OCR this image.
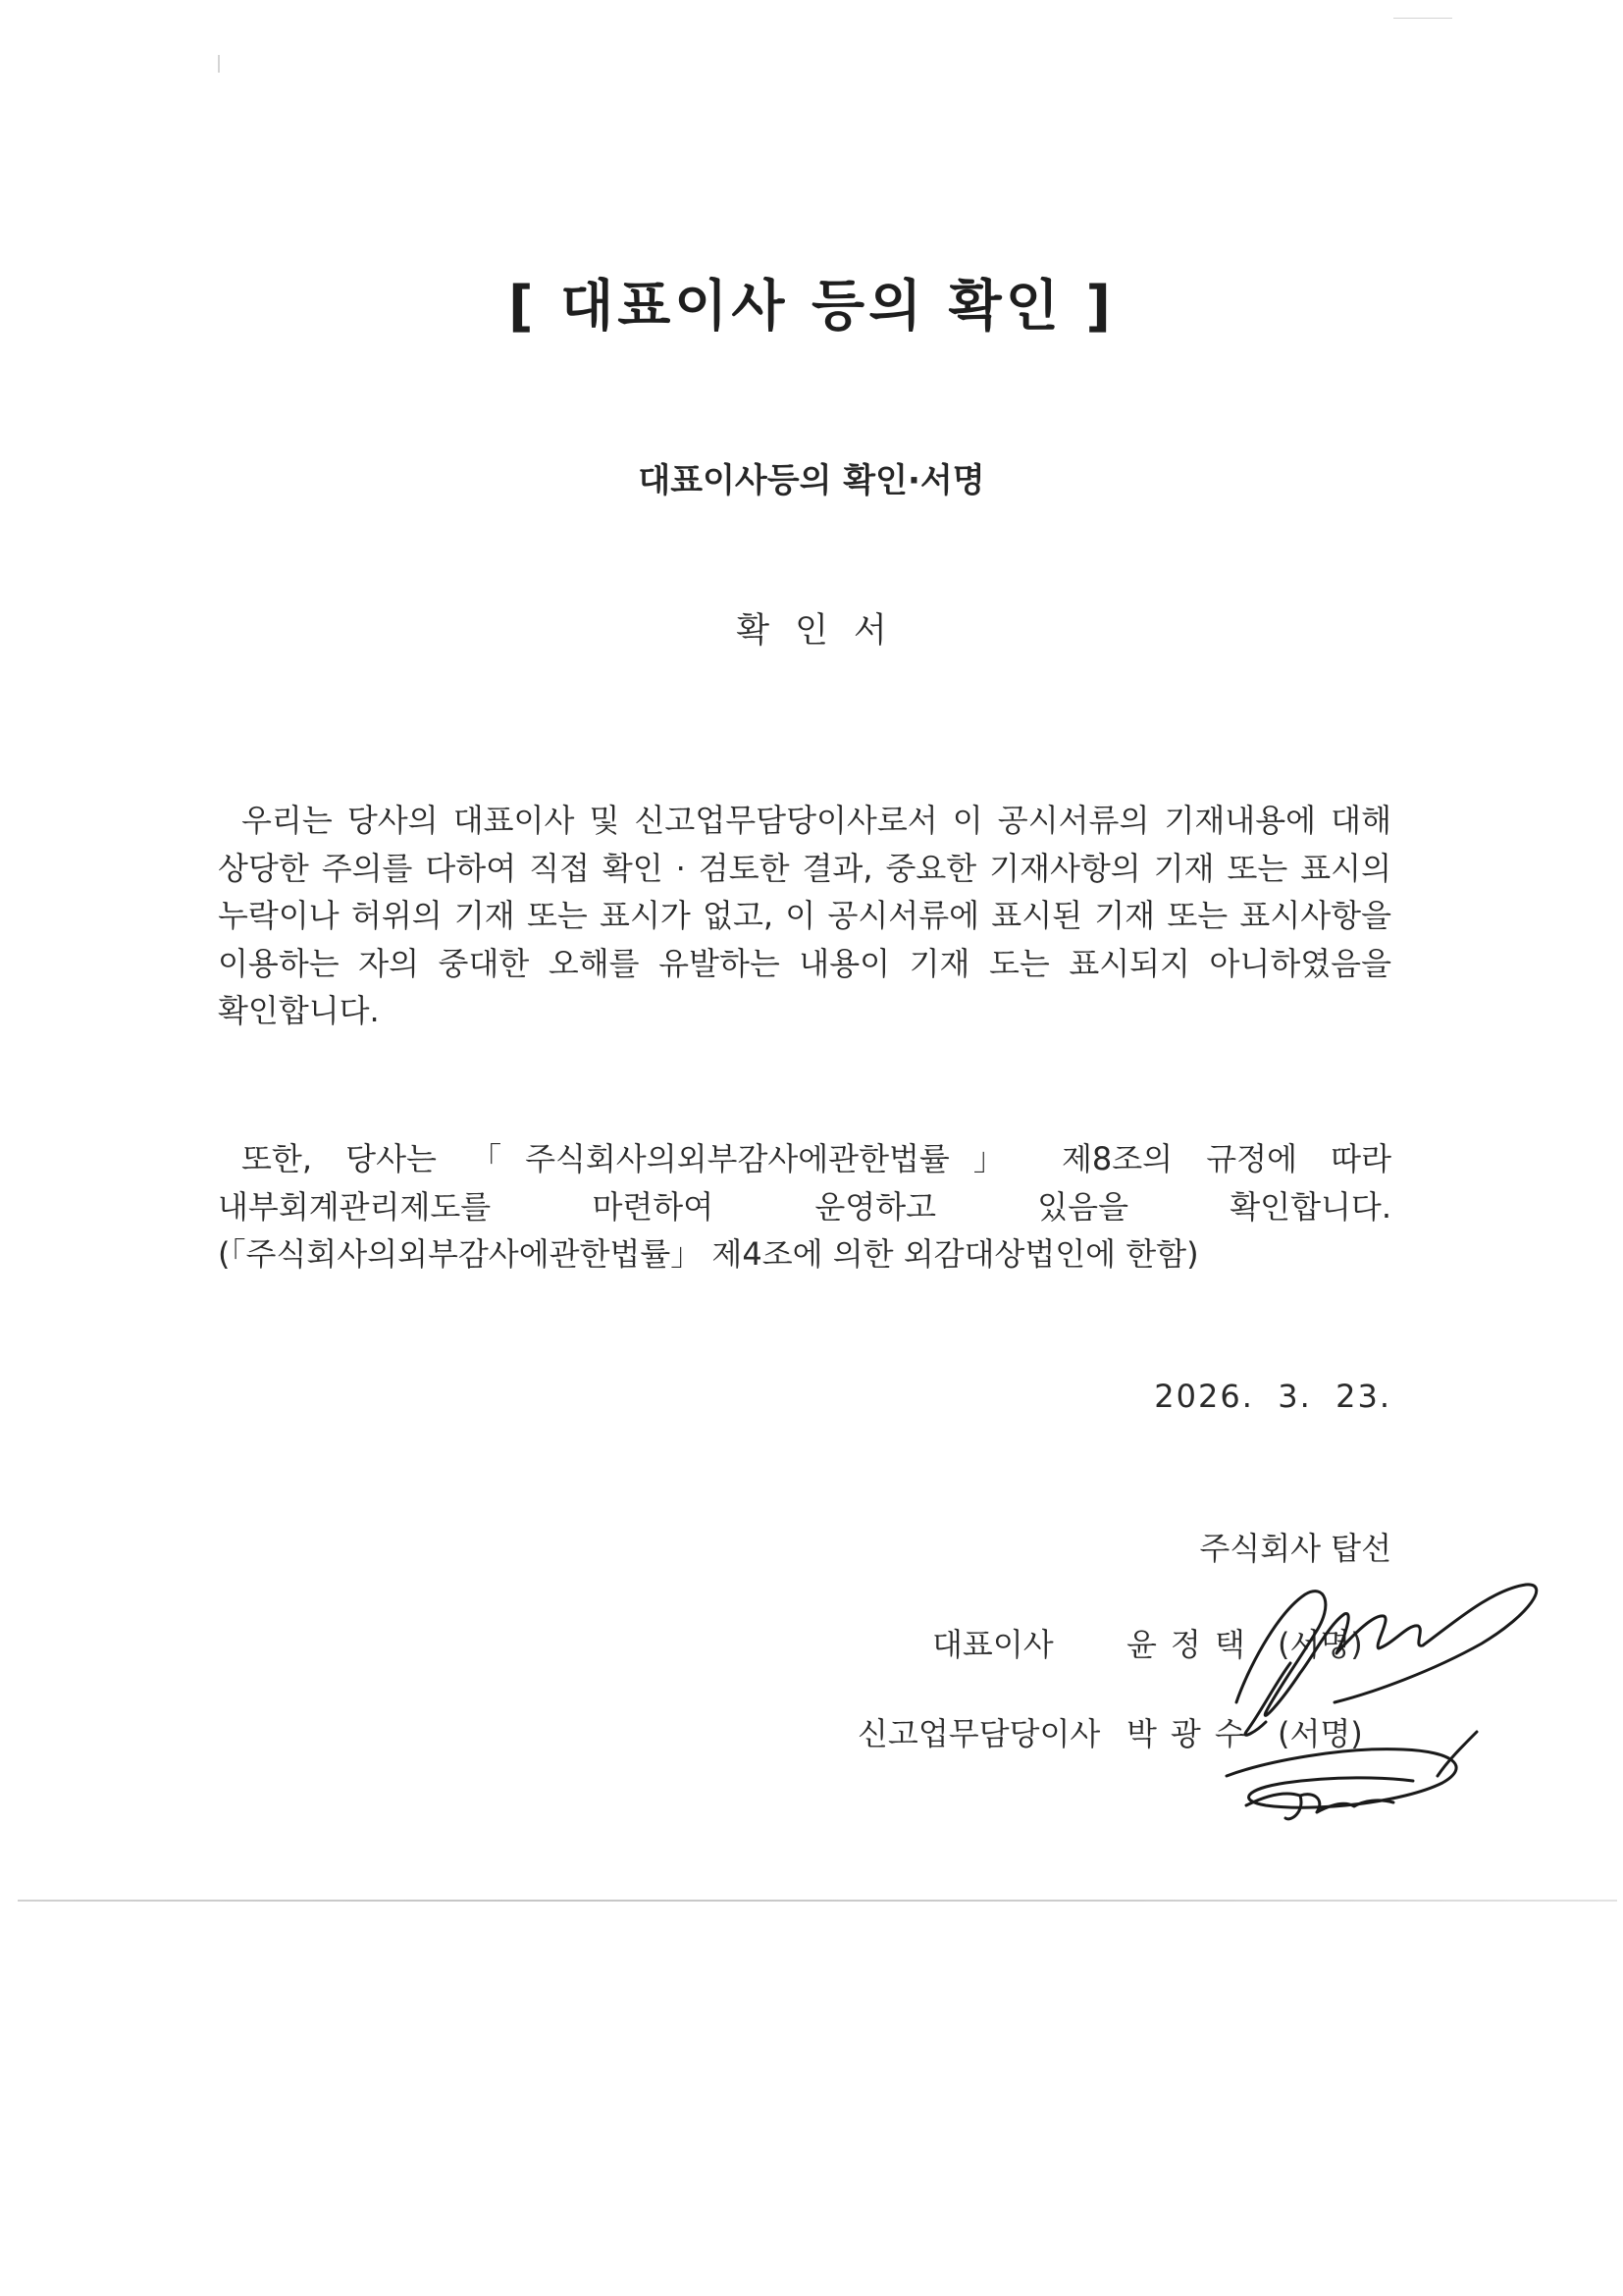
[ 대표이사 등의 확인 ]
대표이사등의 확인·서명
확인서
우리는 당사의 대표이사 및 신고업무담당이사로서 이 공시서류의 기재내용에 대해 상당한 주의를 다하여 직접 확인 · 검토한 결과, 중요한 기재사항의 기재 또는 표시의 누락이나 허위의 기재 또는 표시가 없고, 이 공시서류에 표시된 기재 또는 표시사항을 이용하는 자의 중대한 오해를 유발하는 내용이 기재 도는 표시되지 아니하였음을 확인합니다.
또한, 당사는 「주식회사의외부감사에관한법률」 제8조의 규정에 따라 내부회계관리제도를 마련하여 운영하고 있음을 확인합니다.(「주식회사의외부감사에관한법률」 제4조에 의한 외감대상법인에 한함)
2026.  3.  23.
주식회사 탑선
대표이사 윤정택 (서명)
신고업무담당이사 박광수 (서명)
